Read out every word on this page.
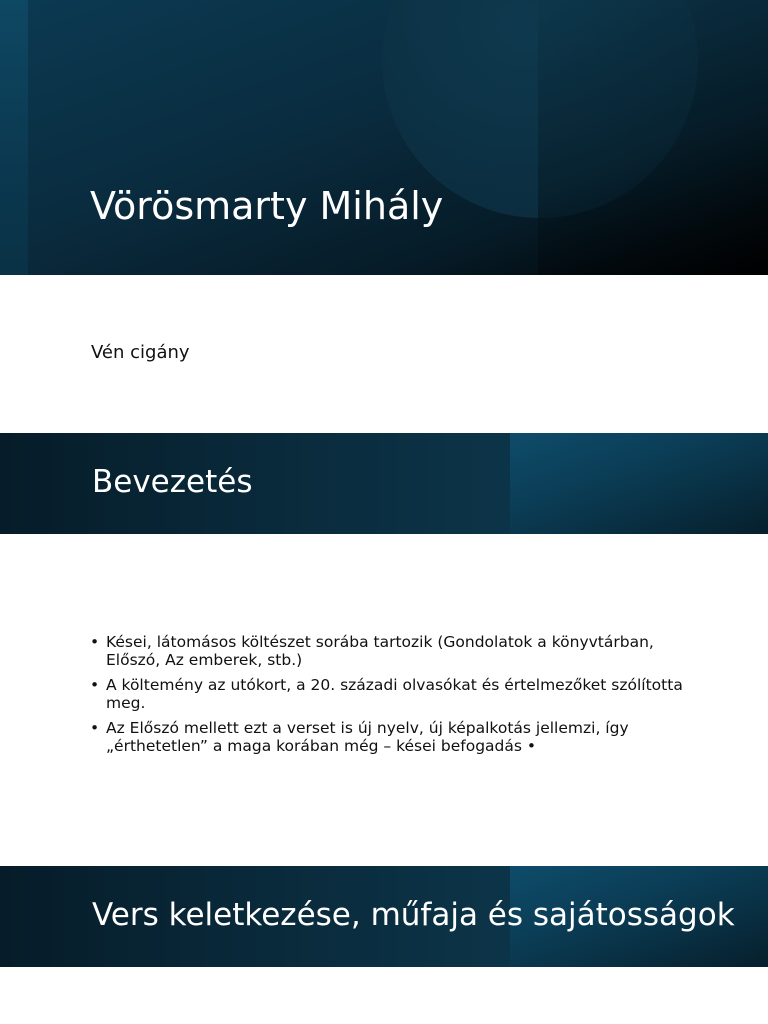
Vörösmarty Mihály
Vén cigány
Bevezetés
• Kései, látomásos költészet sorába tartozik (Gondolatok a könyvtárban, Előszó, Az emberek, stb.)
• A költemény az utókort, a 20. századi olvasókat és értelmezőket szólította meg.
• Az Előszó mellett ezt a verset is új nyelv, új képalkotás jellemzi, így „érthetetlen” a maga korában még – kései befogadás •
Vers keletkezése, műfaja és sajátosságok
